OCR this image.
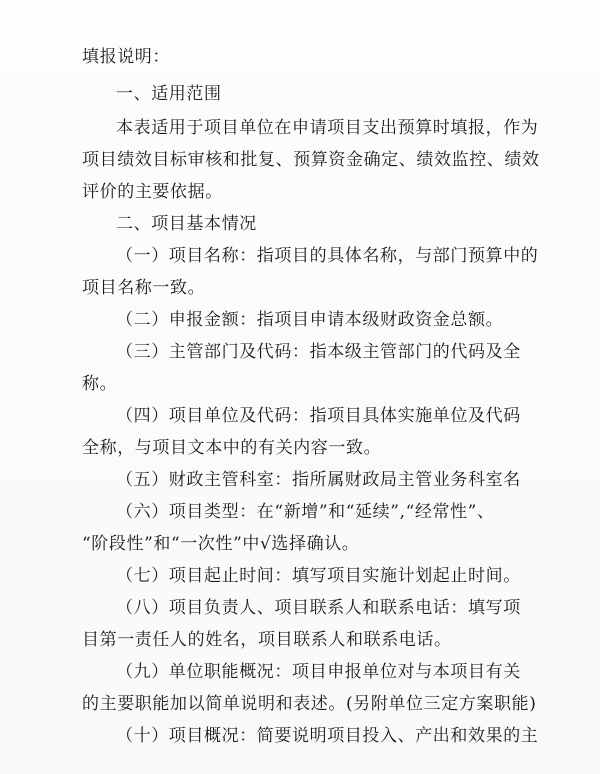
填报说明：
一、适用范围
本表适用于项目单位在申请项目支出预算时填报，作为
项目绩效目标审核和批复、预算资金确定、绩效监控、绩效
评价的主要依据。
二、项目基本情况
（一）项目名称：指项目的具体名称，与部门预算中的
项目名称一致。
（二）申报金额：指项目申请本级财政资金总额。
（三）主管部门及代码：指本级主管部门的代码及全
称。
（四）项目单位及代码：指项目具体实施单位及代码
全称，与项目文本中的有关内容一致。
（五）财政主管科室：指所属财政局主管业务科室名
（六）项目类型：在“新增”和“延续”,“经常性”、
“阶段性”和“一次性”中√选择确认。
（七）项目起止时间：填写项目实施计划起止时间。
（八）项目负责人、项目联系人和联系电话：填写项
目第一责任人的姓名，项目联系人和联系电话。
（九）单位职能概况：项目申报单位对与本项目有关
的主要职能加以简单说明和表述。(另附单位三定方案职能)
（十）项目概况：简要说明项目投入、产出和效果的主
